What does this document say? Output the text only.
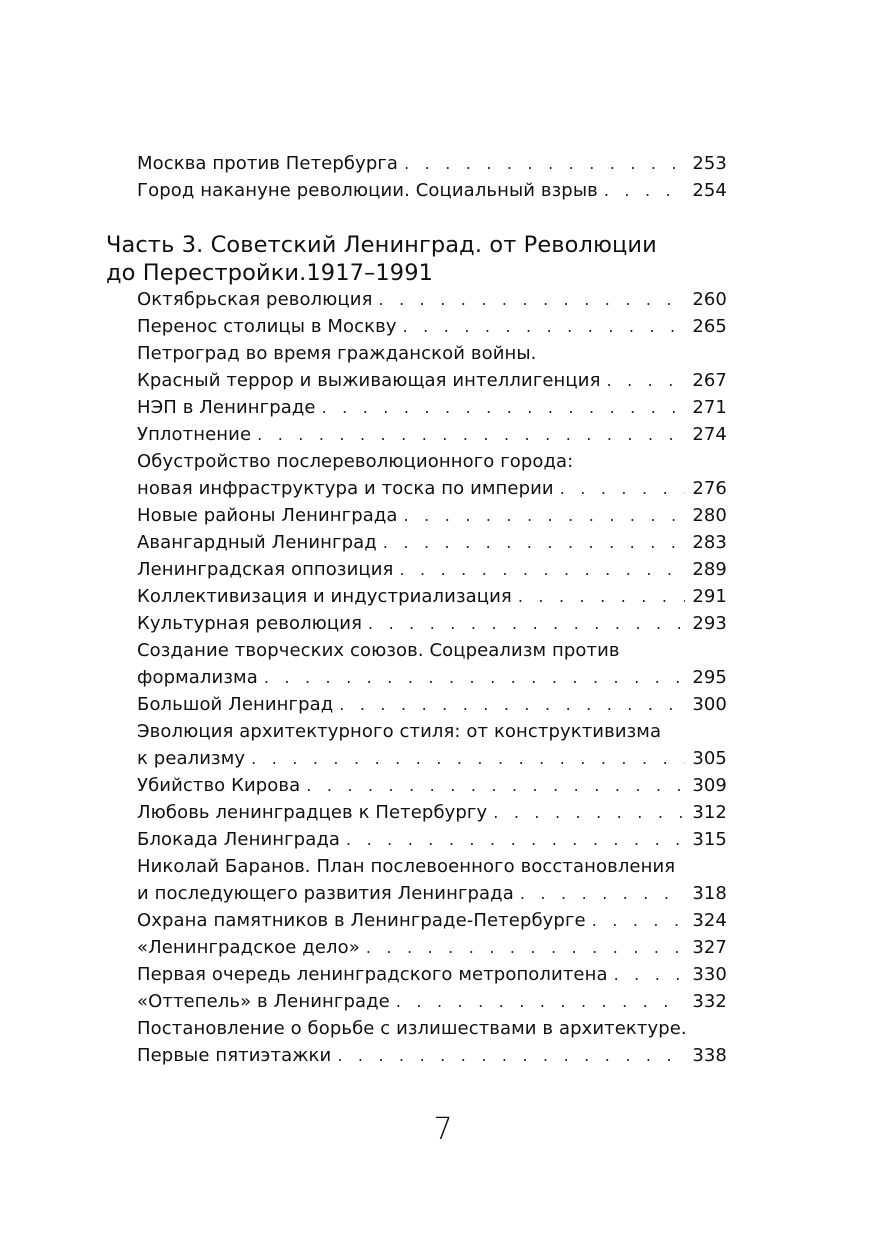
Москва против Петербурга . . .	253
Город накануне революции. Социальный взрыв . . .	254
Часть 3. Советский Ленинград. от Революции
до Перестройки.1917–1991
Октябрьская революция . . .	260
Перенос столицы в Москву . . .	265
Петроград во время гражданской войны.
Красный террор и выживающая интеллигенция . . .	267
НЭП в Ленинграде . . .	271
Уплотнение . . .	274
Обустройство послереволюционного города:
новая инфраструктура и тоска по империи . . .	276
Новые районы Ленинграда . . .	280
Авангардный Ленинград . . .	283
Ленинградская оппозиция . . .	289
Коллективизация и индустриализация . . .	291
Культурная революция . . .	293
Создание творческих союзов. Соцреализм против
формализма . . .	295
Большой Ленинград . . .	300
Эволюция архитектурного стиля: от конструктивизма
к реализму . . .	305
Убийство Кирова . . .	309
Любовь ленинградцев к Петербургу . . .	312
Блокада Ленинграда . . .	315
Николай Баранов. План послевоенного восстановления
и последующего развития Ленинграда . . .	318
Охрана памятников в Ленинграде-Петербурге . . .	324
«Ленинградское дело» . . .	327
Первая очередь ленинградского метрополитена . . .	330
«Оттепель» в Ленинграде . . .	332
Постановление о борьбе с излишествами в архитектуре.
Первые пятиэтажки . . .	338
7
